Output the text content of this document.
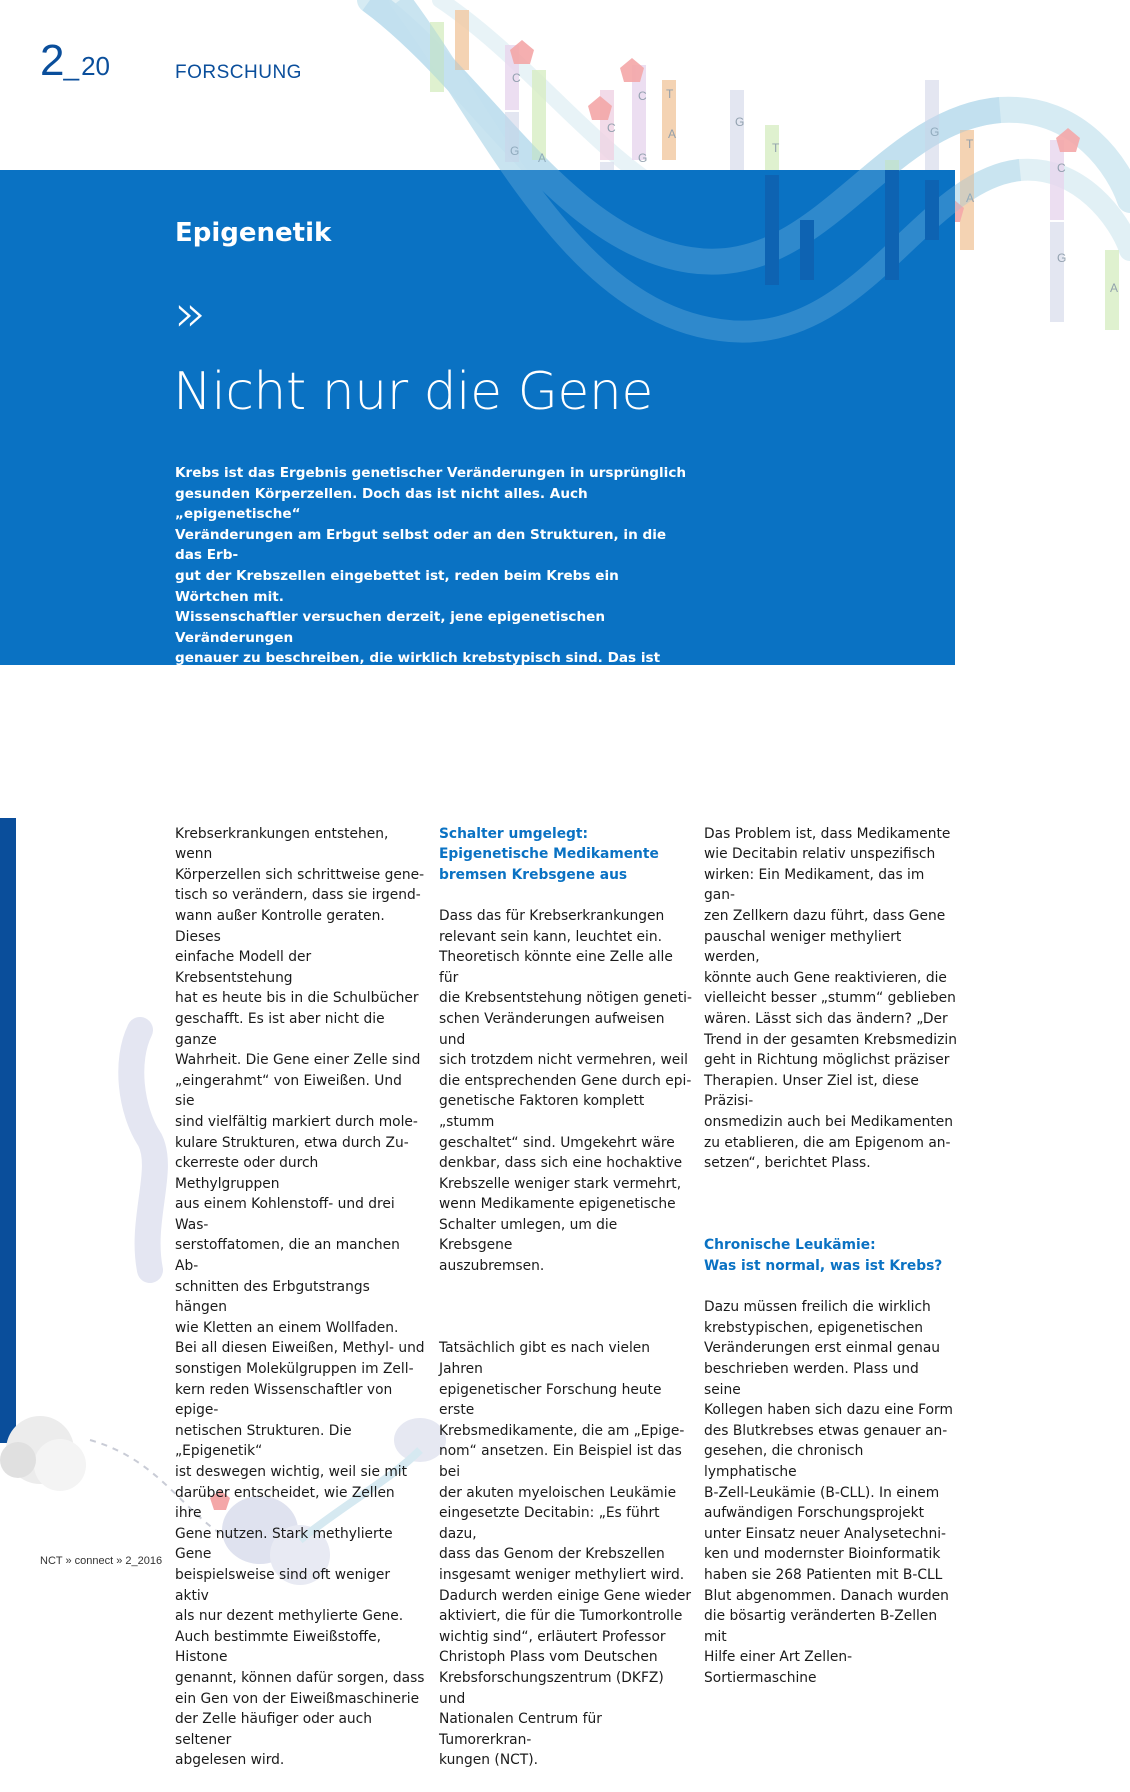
2_20	FORSCHUNG	C
G A
C
C
G
T
A
G
T
G
T
A
C
G
A
Epigenetik
»
Nicht nur die Gene

Krebs ist das Ergebnis genetischer Veränderungen in ursprünglich
gesunden Körperzellen. Doch das ist nicht alles. Auch „epigenetische“
Veränderungen am Erbgut selbst oder an den Strukturen, in die das Erb-
gut der Krebszellen eingebettet ist, reden beim Krebs ein Wörtchen mit.
Wissenschaftler versuchen derzeit, jene epigenetischen Veränderungen
genauer zu beschreiben, die wirklich krebstypisch sind. Das ist nicht ein-
fach, doch es wird die Entwicklung neuer Krebstherapien voranbringen.

Krebserkrankungen entstehen, wenn
Körperzellen sich schrittweise gene-
tisch so verändern, dass sie irgend-
wann außer Kontrolle geraten. Dieses
einfache Modell der Krebsentstehung
hat es heute bis in die Schulbücher
geschafft. Es ist aber nicht die ganze
Wahrheit. Die Gene einer Zelle sind
„eingerahmt“ von Eiweißen. Und sie
sind vielfältig markiert durch mole-
kulare Strukturen, etwa durch Zu-
ckerreste oder durch Methylgruppen
aus einem Kohlenstoff- und drei Was-
serstoffatomen, die an manchen Ab-
schnitten des Erbgutstrangs hängen
wie Kletten an einem Wollfaden.
Bei all diesen Eiweißen, Methyl- und
sonstigen Molekülgruppen im Zell-
kern reden Wissenschaftler von epige-
netischen Strukturen. Die „Epigenetik“
ist deswegen wichtig, weil sie mit
darüber entscheidet, wie Zellen ihre
Gene nutzen. Stark methylierte Gene
beispielsweise sind oft weniger aktiv
als nur dezent methylierte Gene.
Auch bestimmte Eiweißstoffe, Histone
genannt, können dafür sorgen, dass
ein Gen von der Eiweißmaschinerie
der Zelle häufiger oder auch seltener
abgelesen wird.

Schalter umgelegt:
Epigenetische Medikamente
bremsen Krebsgene aus

Dass das für Krebserkrankungen
relevant sein kann, leuchtet ein.
Theoretisch könnte eine Zelle alle für
die Krebsentstehung nötigen geneti-
schen Veränderungen aufweisen und
sich trotzdem nicht vermehren, weil
die entsprechenden Gene durch epi-
genetische Faktoren komplett „stumm
geschaltet“ sind. Umgekehrt wäre
denkbar, dass sich eine hochaktive
Krebszelle weniger stark vermehrt,
wenn Medikamente epigenetische
Schalter umlegen, um die Krebsgene
auszubremsen.

Tatsächlich gibt es nach vielen Jahren
epigenetischer Forschung heute erste
Krebsmedikamente, die am „Epige-
nom“ ansetzen. Ein Beispiel ist das bei
der akuten myeloischen Leukämie
eingesetzte Decitabin: „Es führt dazu,
dass das Genom der Krebszellen
insgesamt weniger methyliert wird.
Dadurch werden einige Gene wieder
aktiviert, die für die Tumorkontrolle
wichtig sind“, erläutert Professor
Christoph Plass vom Deutschen
Krebsforschungszentrum (DKFZ) und
Nationalen Centrum für Tumorerkran-
kungen (NCT).

Das Problem ist, dass Medikamente
wie Decitabin relativ unspezifisch
wirken: Ein Medikament, das im gan-
zen Zellkern dazu führt, dass Gene
pauschal weniger methyliert werden,
könnte auch Gene reaktivieren, die
vielleicht besser „stumm“ geblieben
wären. Lässt sich das ändern? „Der
Trend in der gesamten Krebsmedizin
geht in Richtung möglichst präziser
Therapien. Unser Ziel ist, diese Präzisi-
onsmedizin auch bei Medikamenten
zu etablieren, die am Epigenom an-
setzen“, berichtet Plass.

Chronische Leukämie:
Was ist normal, was ist Krebs?

Dazu müssen freilich die wirklich
krebstypischen, epigenetischen
Veränderungen erst einmal genau
beschrieben werden. Plass und seine
Kollegen haben sich dazu eine Form
des Blutkrebses etwas genauer an-
gesehen, die chronisch lymphatische
B-Zell-Leukämie (B-CLL). In einem
aufwändigen Forschungsprojekt
unter Einsatz neuer Analysetechni-
ken und modernster Bioinformatik
haben sie 268 Patienten mit B-CLL
Blut abgenommen. Danach wurden
die bösartig veränderten B-Zellen mit
Hilfe einer Art Zellen-Sortiermaschine

NCT » connect » 2_2016
